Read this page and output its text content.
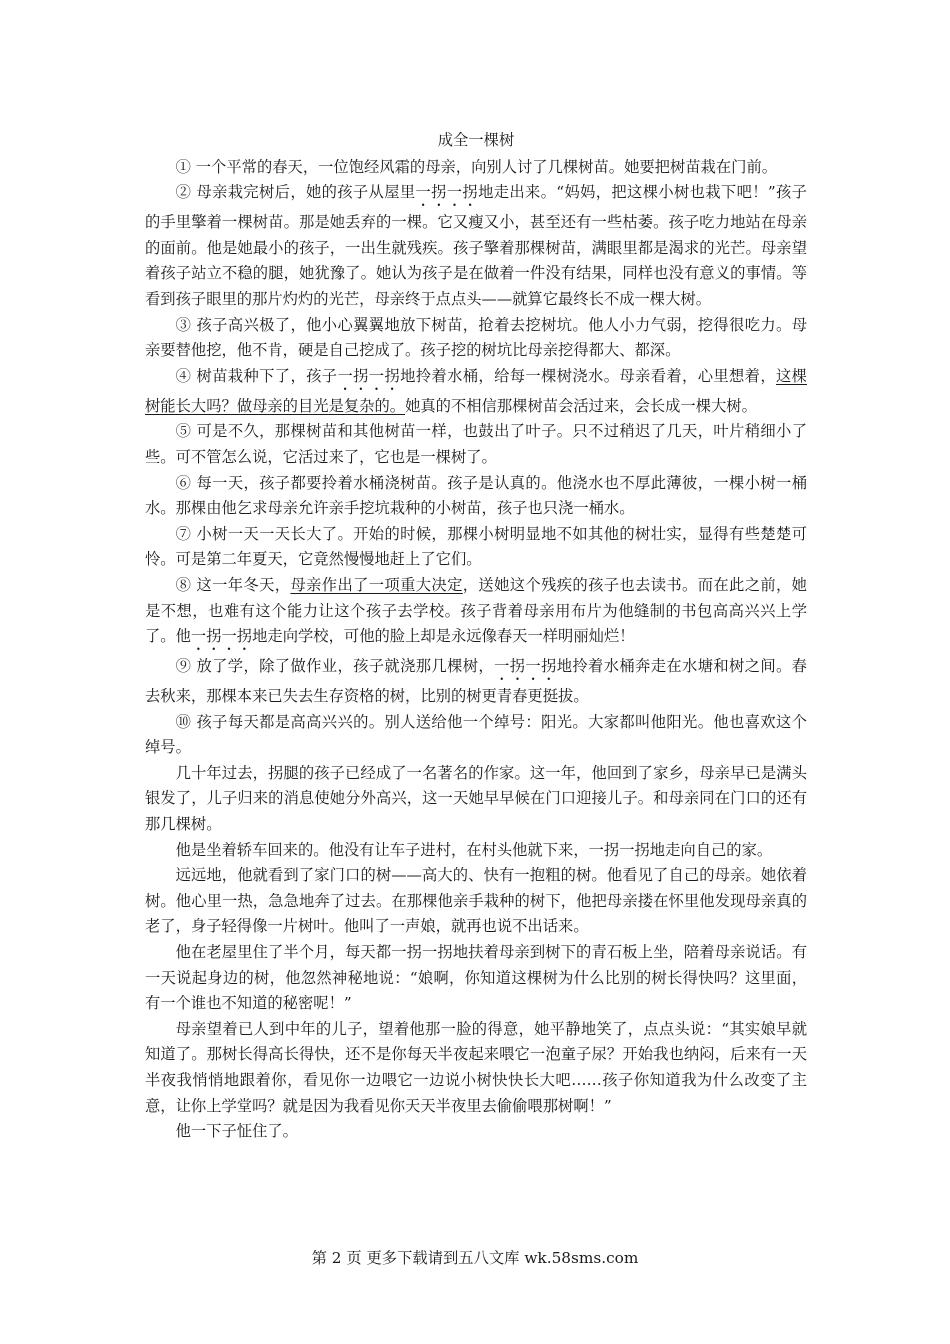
成全一棵树

① 一个平常的春天，一位饱经风霜的母亲，向别人讨了几棵树苗。她要把树苗栽在门前。

② 母亲栽完树后，她的孩子从屋里一拐一拐地走出来。“妈妈，把这棵小树也栽下吧！”孩子的手里擎着一棵树苗。那是她丢弃的一棵。它又瘦又小，甚至还有一些枯萎。孩子吃力地站在母亲的面前。他是她最小的孩子，一出生就残疾。孩子擎着那棵树苗，满眼里都是渴求的光芒。母亲望着孩子站立不稳的腿，她犹豫了。她认为孩子是在做着一件没有结果，同样也没有意义的事情。等看到孩子眼里的那片灼灼的光芒，母亲终于点点头——就算它最终长不成一棵大树。

③ 孩子高兴极了，他小心翼翼地放下树苗，抢着去挖树坑。他人小力气弱，挖得很吃力。母亲要替他挖，他不肯，硬是自己挖成了。孩子挖的树坑比母亲挖得都大、都深。

④ 树苗栽种下了，孩子一拐一拐地拎着水桶，给每一棵树浇水。母亲看着，心里想着，这棵树能长大吗？做母亲的目光是复杂的。她真的不相信那棵树苗会活过来，会长成一棵大树。

⑤ 可是不久，那棵树苗和其他树苗一样，也鼓出了叶子。只不过稍迟了几天，叶片稍细小了些。可不管怎么说，它活过来了，它也是一棵树了。

⑥ 每一天，孩子都要拎着水桶浇树苗。孩子是认真的。他浇水也不厚此薄彼，一棵小树一桶水。那棵由他乞求母亲允许亲手挖坑栽种的小树苗，孩子也只浇一桶水。

⑦ 小树一天一天长大了。开始的时候，那棵小树明显地不如其他的树壮实，显得有些楚楚可怜。可是第二年夏天，它竟然慢慢地赶上了它们。

⑧ 这一年冬天，母亲作出了一项重大决定，送她这个残疾的孩子也去读书。而在此之前，她是不想，也难有这个能力让这个孩子去学校。孩子背着母亲用布片为他缝制的书包高高兴兴上学了。他一拐一拐地走向学校，可他的脸上却是永远像春天一样明丽灿烂！

⑨ 放了学，除了做作业，孩子就浇那几棵树，一拐一拐地拎着水桶奔走在水塘和树之间。春去秋来，那棵本来已失去生存资格的树，比别的树更青春更挺拔。

⑩ 孩子每天都是高高兴兴的。别人送给他一个绰号：阳光。大家都叫他阳光。他也喜欢这个绰号。

几十年过去，拐腿的孩子已经成了一名著名的作家。这一年，他回到了家乡，母亲早已是满头银发了，儿子归来的消息使她分外高兴，这一天她早早候在门口迎接儿子。和母亲同在门口的还有那几棵树。

他是坐着轿车回来的。他没有让车子进村，在村头他就下来，一拐一拐地走向自己的家。

远远地，他就看到了家门口的树——高大的、快有一抱粗的树。他看见了自己的母亲。她依着树。他心里一热，急急地奔了过去。在那棵他亲手栽种的树下，他把母亲搂在怀里他发现母亲真的老了，身子轻得像一片树叶。他叫了一声娘，就再也说不出话来。

他在老屋里住了半个月，每天都一拐一拐地扶着母亲到树下的青石板上坐，陪着母亲说话。有一天说起身边的树，他忽然神秘地说：“娘啊，你知道这棵树为什么比别的树长得快吗？这里面，有一个谁也不知道的秘密呢！”

母亲望着已人到中年的儿子，望着他那一脸的得意，她平静地笑了，点点头说：“其实娘早就知道了。那树长得高长得快，还不是你每天半夜起来喂它一泡童子尿？开始我也纳闷，后来有一天半夜我悄悄地跟着你，看见你一边喂它一边说小树快快长大吧……孩子你知道我为什么改变了主意，让你上学堂吗？就是因为我看见你天天半夜里去偷偷喂那树啊！”

他一下子怔住了。

第 2 页 更多下载请到五八文库 wk.58sms.com
